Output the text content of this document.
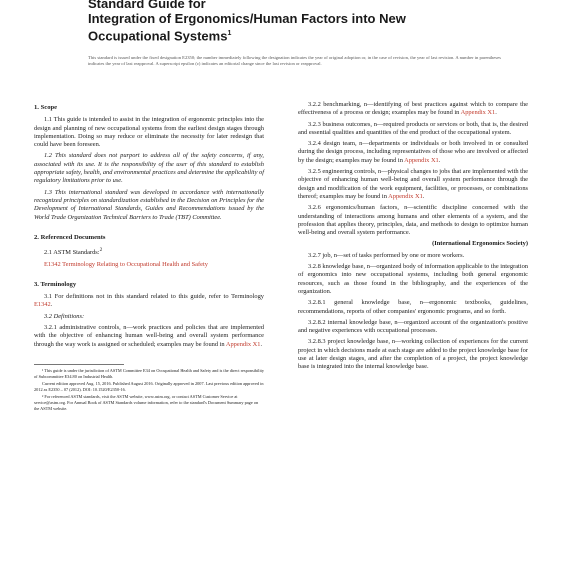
Standard Guide for
Integration of Ergonomics/Human Factors into New
Occupational Systems$^1$
This standard is issued under the fixed designation E2350; the number immediately following the designation indicates the year of original adoption or, in the case of revision, the year of last revision. A number in parentheses indicates the year of last reapproval. A superscript epsilon (ε) indicates an editorial change since the last revision or reapproval.
1. Scope

1.1 This guide is intended to assist in the integration of ergonomic principles into the design and planning of new occupational systems from the earliest design stages through implementation. Doing so may reduce or eliminate the necessity for later redesign that could have been foreseen.

1.2 This standard does not purport to address all of the safety concerns, if any, associated with its use. It is the responsibility of the user of this standard to establish appropriate safety, health, and environmental practices and determine the applicability of regulatory limitations prior to use.

1.3 This international standard was developed in accordance with internationally recognized principles on standardization established in the Decision on Principles for the Development of International Standards, Guides and Recommendations issued by the World Trade Organization Technical Barriers to Trade (TBT) Committee.

2. Referenced Documents

2.1 ASTM Standards:$^2$

E1342 Terminology Relating to Occupational Health and Safety

3. Terminology

3.1 For definitions not in this standard related to this guide, refer to Terminology E1342.

3.2 Definitions:

3.2.1 administrative controls, n—work practices and policies that are implemented with the objective of enhancing human well-being and overall system performance through the way work is assigned or scheduled; examples may be found in Appendix X1.

¹ This guide is under the jurisdiction of ASTM Committee E34 on Occupational Health and Safety and is the direct responsibility of Subcommittee E34.80 on Industrial Health.

Current edition approved Aug. 15, 2016. Published August 2016. Originally approved in 2007. Last previous edition approved in 2012 as E2350 – 07 (2012). DOI: 10.1520/E2350-16.

² For referenced ASTM standards, visit the ASTM website, www.astm.org, or contact ASTM Customer Service at service@astm.org. For Annual Book of ASTM Standards volume information, refer to the standard's Document Summary page on the ASTM website.

3.2.2 benchmarking, n—identifying of best practices against which to compare the effectiveness of a process or design; examples may be found in Appendix X1.

3.2.3 business outcomes, n—required products or services or both, that is, the desired and essential qualities and quantities of the end product of the occupational system.

3.2.4 design team, n—departments or individuals or both involved in or consulted during the design process, including representatives of those who are involved or affected by the design; examples may be found in Appendix X1.

3.2.5 engineering controls, n—physical changes to jobs that are implemented with the objective of enhancing human well-being and overall system performance through the design and modification of the work equipment, facilities, or processes, or combinations thereof; examples may be found in Appendix X1.

3.2.6 ergonomics/human factors, n—scientific discipline concerned with the understanding of interactions among humans and other elements of a system, and the profession that applies theory, principles, data, and methods to design to optimize human well-being and overall system performance.

(International Ergonomics Society)

3.2.7 job, n—set of tasks performed by one or more workers.

3.2.8 knowledge base, n—organized body of information applicable to the integration of ergonomics into new occupational systems, including both general ergonomic resources, such as those found in the bibliography, and the experiences of the organization.

3.2.8.1 general knowledge base, n—ergonomic textbooks, guidelines, recommendations, reports of other companies' ergonomic programs, and so forth.

3.2.8.2 internal knowledge base, n—organized account of the organization's positive and negative experiences with occupational processes.

3.2.8.3 project knowledge base, n—working collection of experiences for the current project in which decisions made at each stage are added to the project knowledge base for use at later design stages, and after the completion of a project, the project knowledge base is integrated into the internal knowledge base.
